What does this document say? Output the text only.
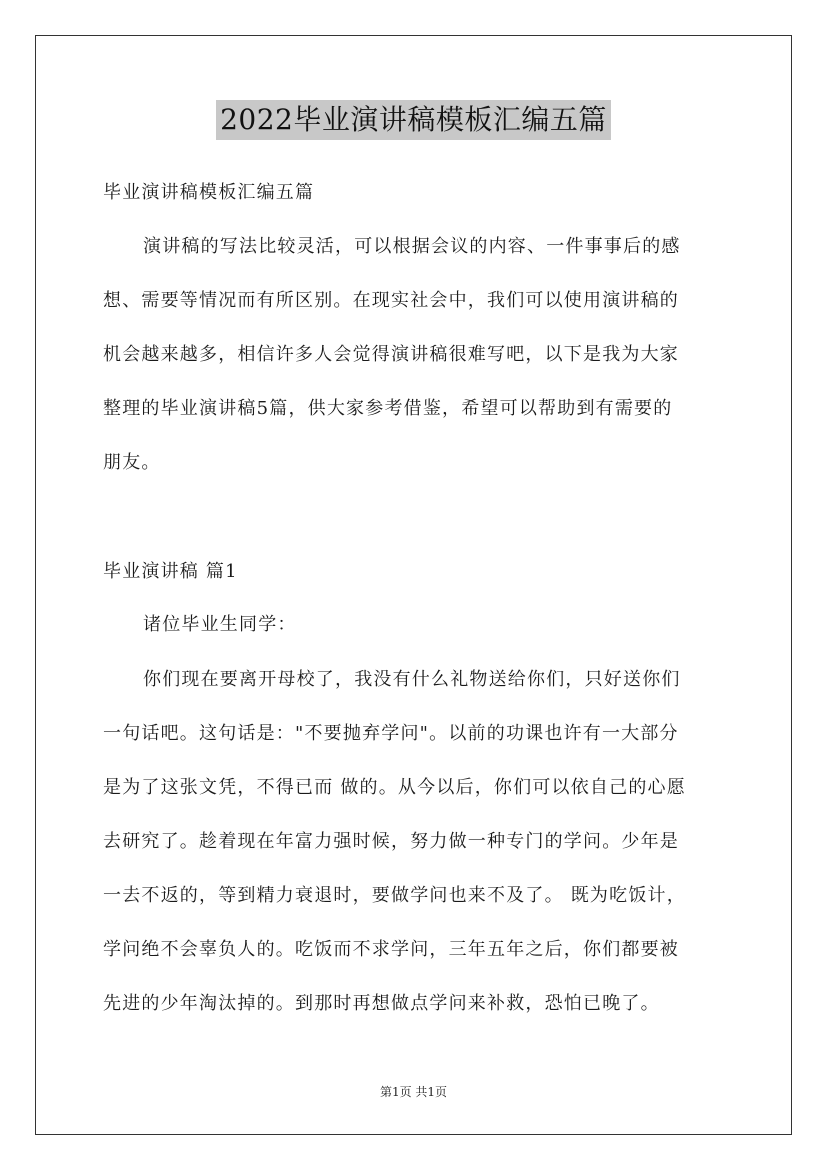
2022毕业演讲稿模板汇编五篇
毕业演讲稿模板汇编五篇
演讲稿的写法比较灵活，可以根据会议的内容、一件事事后的感
想、需要等情况而有所区别。在现实社会中，我们可以使用演讲稿的
机会越来越多，相信许多人会觉得演讲稿很难写吧，以下是我为大家
整理的毕业演讲稿5篇，供大家参考借鉴，希望可以帮助到有需要的
朋友。
毕业演讲稿 篇1
诸位毕业生同学：
你们现在要离开母校了，我没有什么礼物送给你们，只好送你们
一句话吧。这句话是："不要抛弃学问"。以前的功课也许有一大部分
是为了这张文凭，不得已而 做的。从今以后，你们可以依自己的心愿
去研究了。趁着现在年富力强时候，努力做一种专门的学问。少年是
一去不返的，等到精力衰退时，要做学问也来不及了。 既为吃饭计，
学问绝不会辜负人的。吃饭而不求学问，三年五年之后，你们都要被
先进的少年淘汰掉的。到那时再想做点学问来补救，恐怕已晚了。
第1页 共1页
